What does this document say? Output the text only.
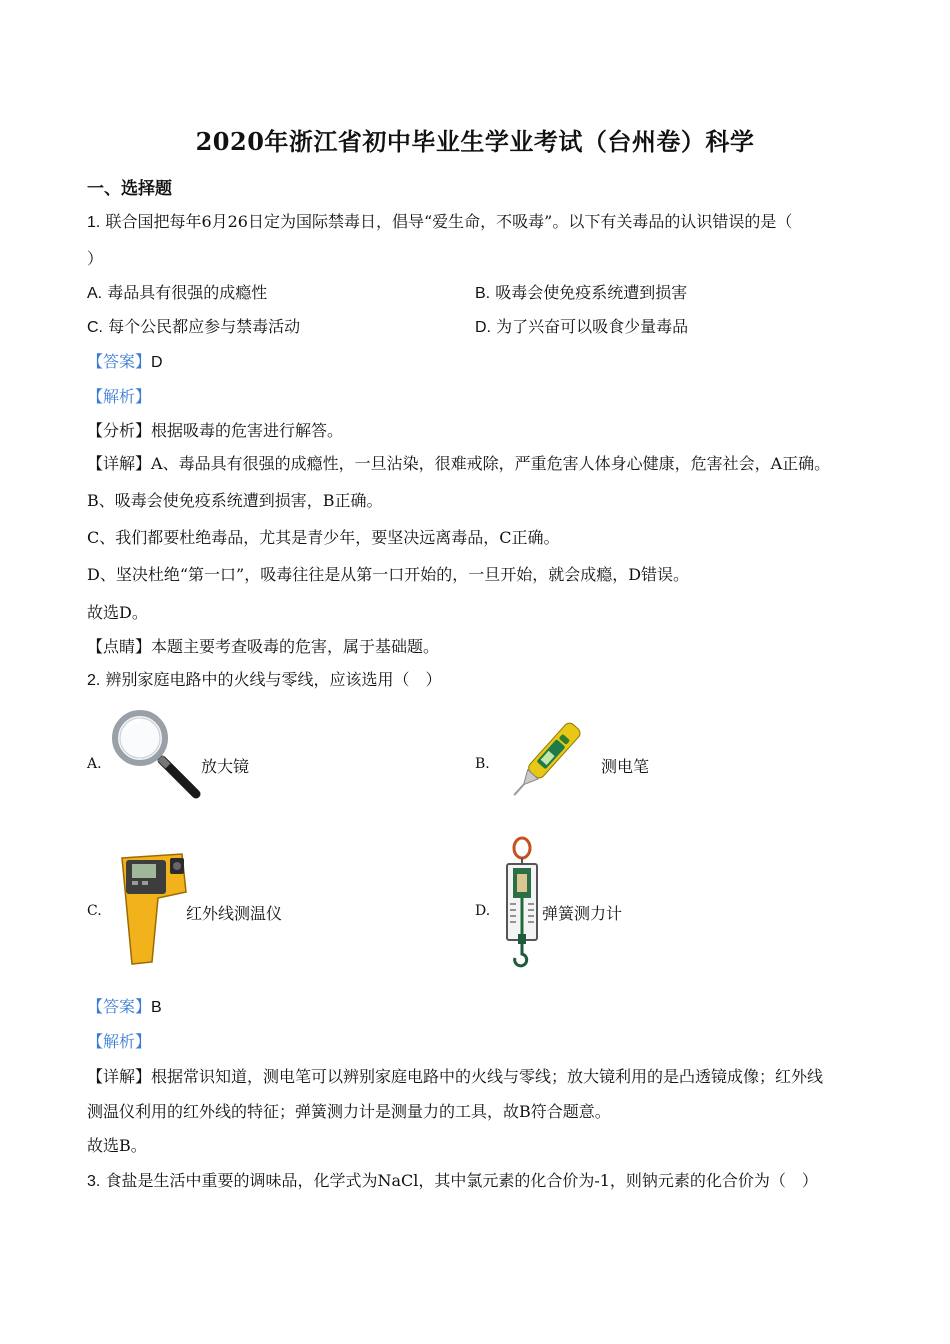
2020年浙江省初中毕业生学业考试（台州卷）科学
一、选择题
1. 联合国把每年6月26日定为国际禁毒日，倡导“爱生命，不吸毒”。以下有关毒品的认识错误的是（
）
A. 毒品具有很强的成瘾性	B. 吸毒会使免疫系统遭到损害
C. 每个公民都应参与禁毒活动	D. 为了兴奋可以吸食少量毒品
【答案】D
【解析】
【分析】根据吸毒的危害进行解答。
【详解】A、毒品具有很强的成瘾性，一旦沾染，很难戒除，严重危害人体身心健康，危害社会，A正确。
B、吸毒会使免疫系统遭到损害，B正确。
C、我们都要杜绝毒品，尤其是青少年，要坚决远离毒品，C正确。
D、坚决杜绝“第一口”，吸毒往往是从第一口开始的，一旦开始，就会成瘾，D错误。
故选D。
【点睛】本题主要考查吸毒的危害，属于基础题。
2. 辨别家庭电路中的火线与零线，应该选用（　）
A.	放大镜	B.	测电笔
C.	红外线测温仪	D.	弹簧测力计
【答案】B
【解析】
【详解】根据常识知道，测电笔可以辨别家庭电路中的火线与零线；放大镜利用的是凸透镜成像；红外线
测温仪利用的红外线的特征；弹簧测力计是测量力的工具，故B符合题意。
故选B。
3. 食盐是生活中重要的调味品，化学式为NaCl，其中氯元素的化合价为-1，则钠元素的化合价为（　）
